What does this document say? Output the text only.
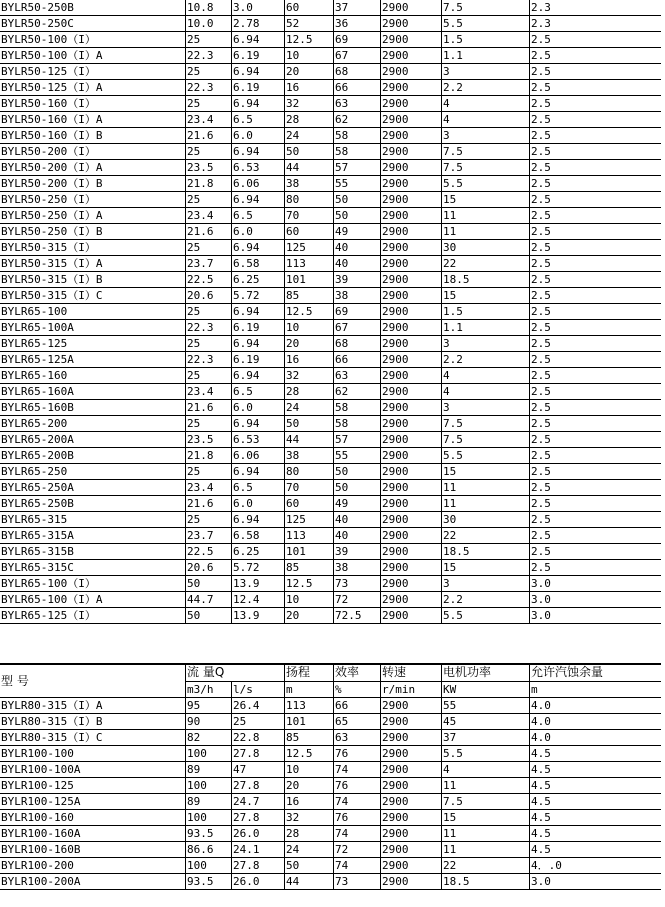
BYLR50-250B	10.8	3.0	60	37	2900	7.5	2.3
BYLR50-250C	10.0	2.78	52	36	2900	5.5	2.3
BYLR50-100（I）	25	6.94	12.5	69	2900	1.5	2.5
BYLR50-100（I）A	22.3	6.19	10	67	2900	1.1	2.5
BYLR50-125（I）	25	6.94	20	68	2900	3	2.5
BYLR50-125（I）A	22.3	6.19	16	66	2900	2.2	2.5
BYLR50-160（I）	25	6.94	32	63	2900	4	2.5
BYLR50-160（I）A	23.4	6.5	28	62	2900	4	2.5
BYLR50-160（I）B	21.6	6.0	24	58	2900	3	2.5
BYLR50-200（I）	25	6.94	50	58	2900	7.5	2.5
BYLR50-200（I）A	23.5	6.53	44	57	2900	7.5	2.5
BYLR50-200（I）B	21.8	6.06	38	55	2900	5.5	2.5
BYLR50-250（I）	25	6.94	80	50	2900	15	2.5
BYLR50-250（I）A	23.4	6.5	70	50	2900	11	2.5
BYLR50-250（I）B	21.6	6.0	60	49	2900	11	2.5
BYLR50-315（I）	25	6.94	125	40	2900	30	2.5
BYLR50-315（I）A	23.7	6.58	113	40	2900	22	2.5
BYLR50-315（I）B	22.5	6.25	101	39	2900	18.5	2.5
BYLR50-315（I）C	20.6	5.72	85	38	2900	15	2.5
BYLR65-100	25	6.94	12.5	69	2900	1.5	2.5
BYLR65-100A	22.3	6.19	10	67	2900	1.1	2.5
BYLR65-125	25	6.94	20	68	2900	3	2.5
BYLR65-125A	22.3	6.19	16	66	2900	2.2	2.5
BYLR65-160	25	6.94	32	63	2900	4	2.5
BYLR65-160A	23.4	6.5	28	62	2900	4	2.5
BYLR65-160B	21.6	6.0	24	58	2900	3	2.5
BYLR65-200	25	6.94	50	58	2900	7.5	2.5
BYLR65-200A	23.5	6.53	44	57	2900	7.5	2.5
BYLR65-200B	21.8	6.06	38	55	2900	5.5	2.5
BYLR65-250	25	6.94	80	50	2900	15	2.5
BYLR65-250A	23.4	6.5	70	50	2900	11	2.5
BYLR65-250B	21.6	6.0	60	49	2900	11	2.5
BYLR65-315	25	6.94	125	40	2900	30	2.5
BYLR65-315A	23.7	6.58	113	40	2900	22	2.5
BYLR65-315B	22.5	6.25	101	39	2900	18.5	2.5
BYLR65-315C	20.6	5.72	85	38	2900	15	2.5
BYLR65-100（I）	50	13.9	12.5	73	2900	3	3.0
BYLR65-100（I）A	44.7	12.4	10	72	2900	2.2	3.0
BYLR65-125（I）	50	13.9	20	72.5	2900	5.5	3.0
型 号	流 量Q		扬程	效率	转速	电机功率	允许汽蚀余量
	m3/h	l/s	m	%	r/min	KW	m
BYLR80-315（I）A	95	26.4	113	66	2900	55	4.0
BYLR80-315（I）B	90	25	101	65	2900	45	4.0
BYLR80-315（I）C	82	22.8	85	63	2900	37	4.0
BYLR100-100	100	27.8	12.5	76	2900	5.5	4.5
BYLR100-100A	89	47	10	74	2900	4	4.5
BYLR100-125	100	27.8	20	76	2900	11	4.5
BYLR100-125A	89	24.7	16	74	2900	7.5	4.5
BYLR100-160	100	27.8	32	76	2900	15	4.5
BYLR100-160A	93.5	26.0	28	74	2900	11	4.5
BYLR100-160B	86.6	24.1	24	72	2900	11	4.5
BYLR100-200	100	27.8	50	74	2900	22	4．.0
BYLR100-200A	93.5	26.0	44	73	2900	18.5	3.0
